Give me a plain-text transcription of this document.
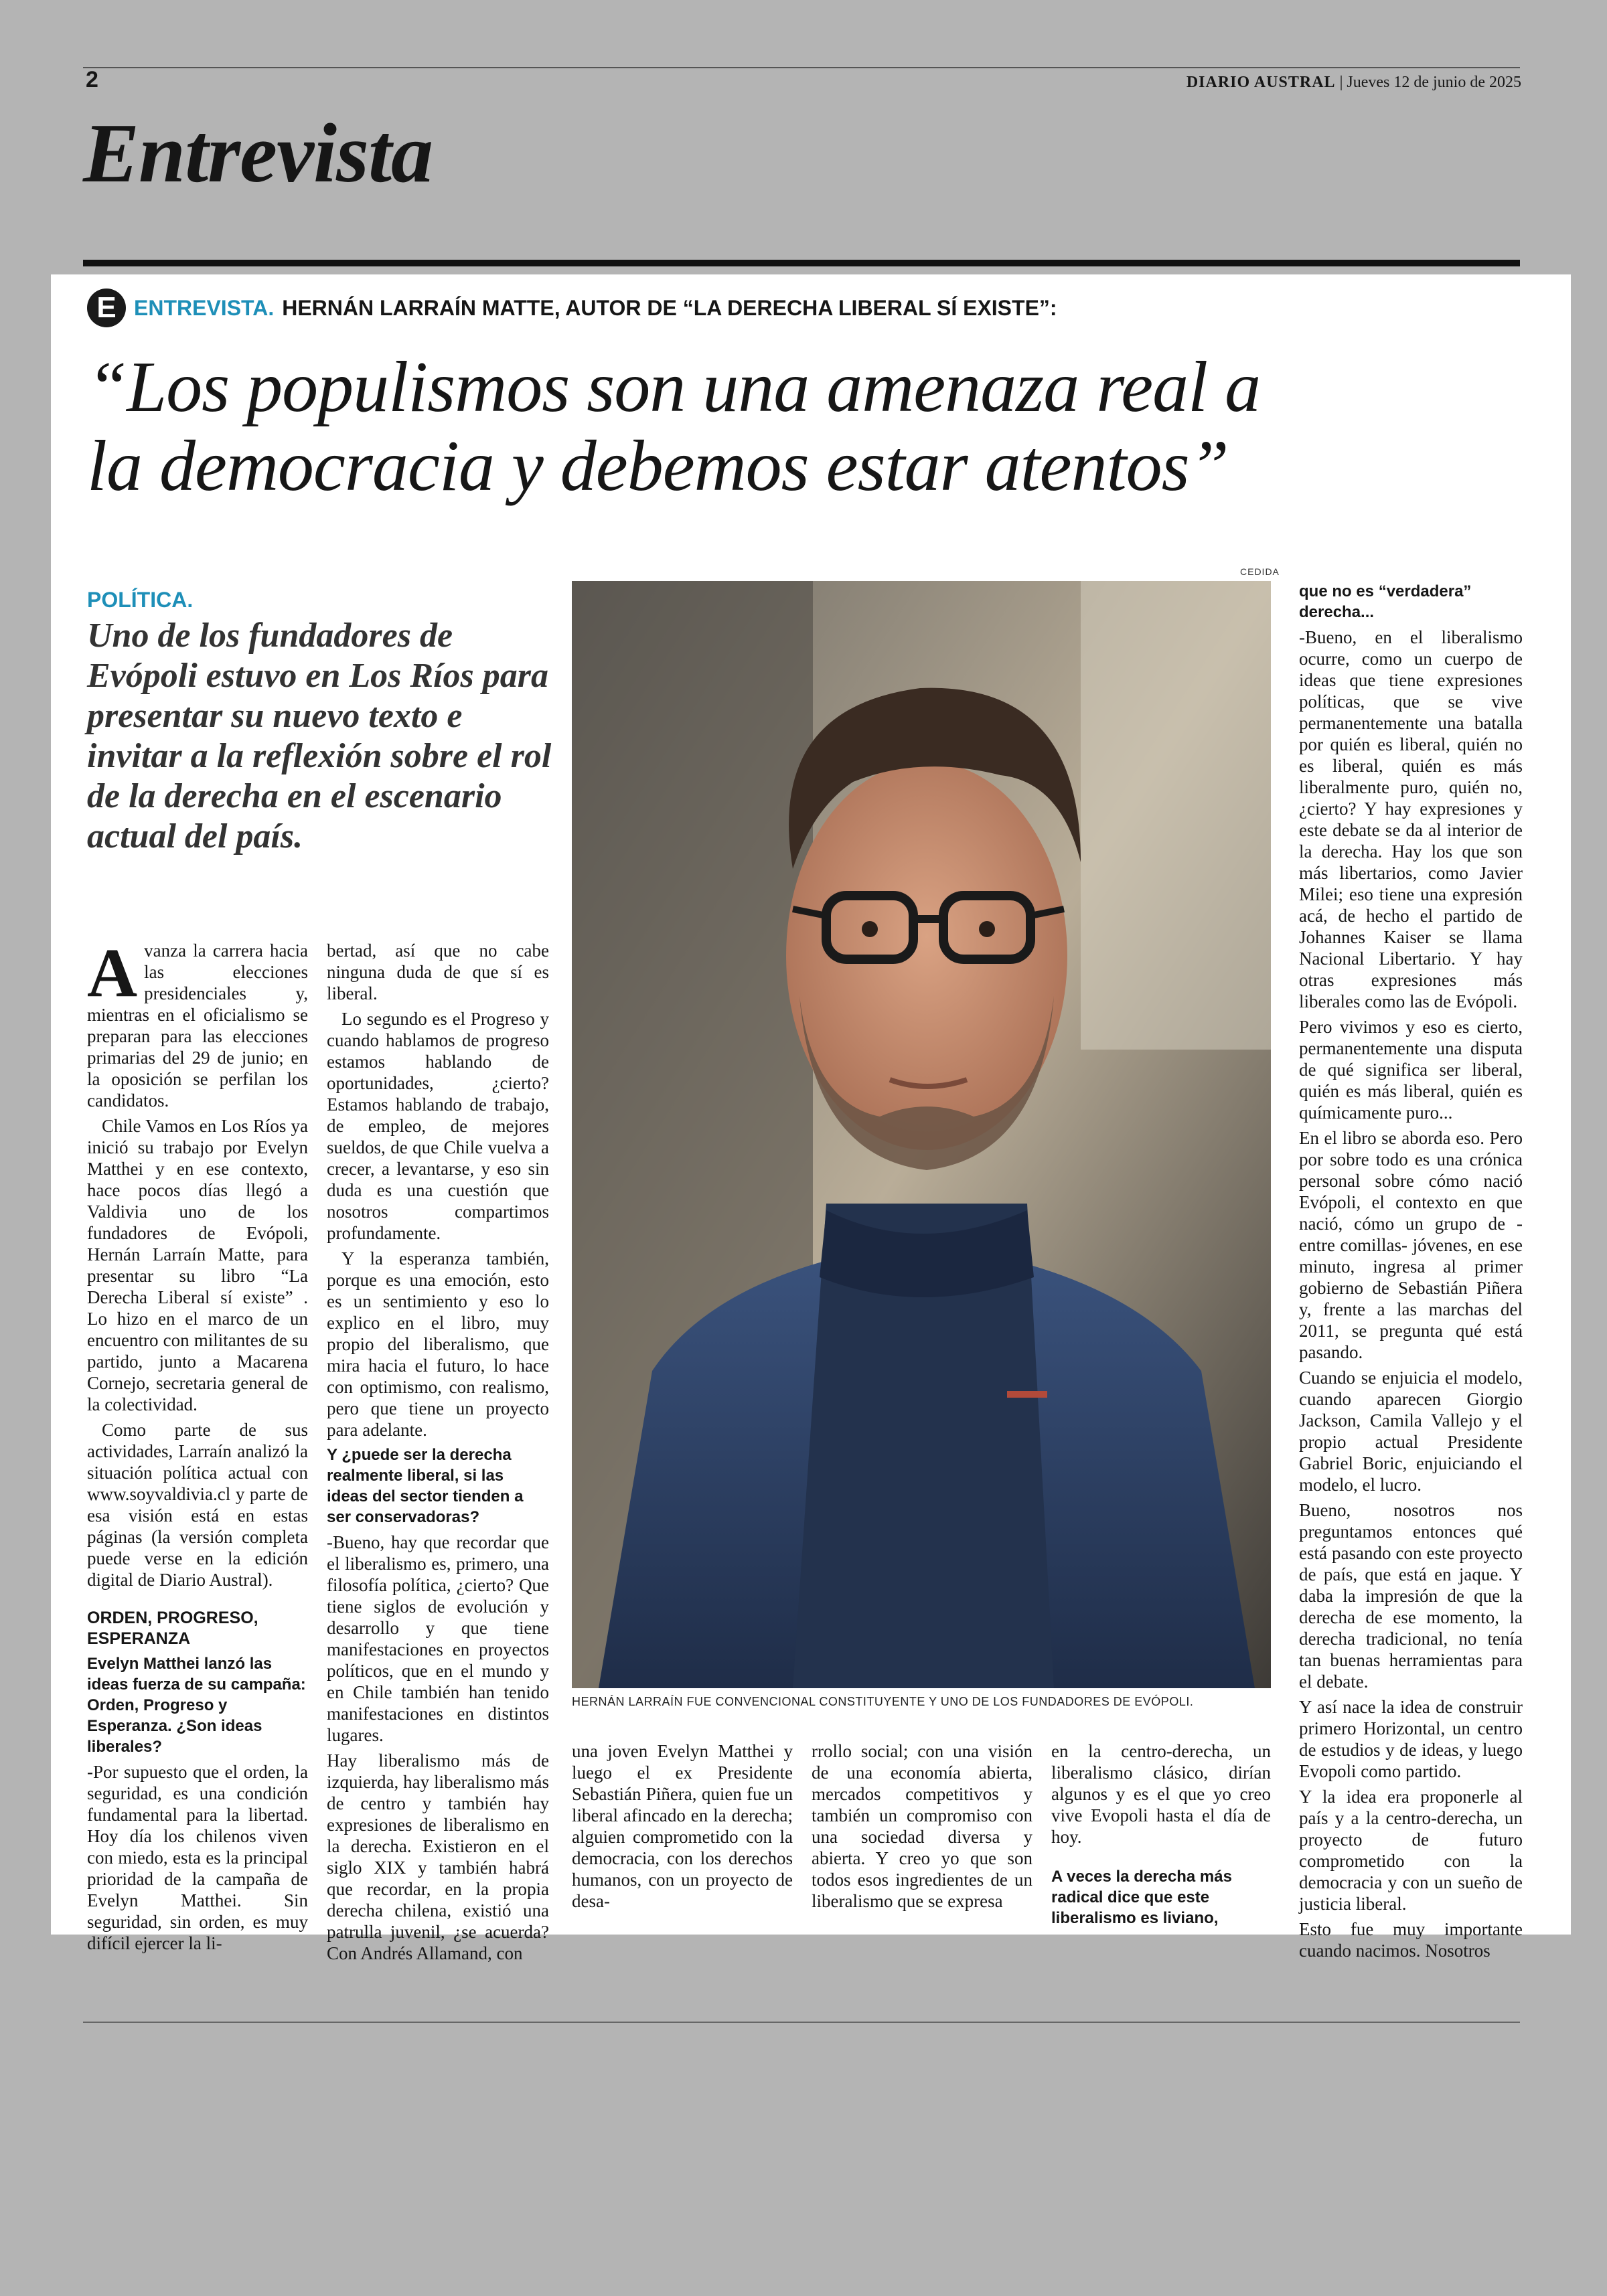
2	DIARIO AUSTRAL | Jueves 12 de junio de 2025
Entrevista
E ENTREVISTA. HERNÁN LARRAÍN MATTE, AUTOR DE “LA DERECHA LIBERAL SÍ EXISTE”:
“Los populismos son una amenaza real a
la democracia y debemos estar atentos”
CEDIDA
HERNÁN LARRAÍN FUE CONVENCIONAL CONSTITUYENTE Y UNO DE LOS FUNDADORES DE EVÓPOLI.
POLÍTICA.
Uno de los fundadores de Evópoli estuvo en Los Ríos para presentar su nuevo texto e invitar a la reflexión sobre el rol de la derecha en el escenario actual del país.

Avanza la carrera hacia las elecciones presidenciales y, mientras en el oficialismo se preparan para las elecciones primarias del 29 de junio; en la oposición se perfilan los candidatos.

Chile Vamos en Los Ríos ya inició su trabajo por Evelyn Matthei y en ese contexto, hace pocos días llegó a Valdivia uno de los fundadores de Evópoli, Hernán Larraín Matte, para presentar su libro “La Derecha Liberal sí existe” . Lo hizo en el marco de un encuentro con militantes de su partido, junto a Macarena Cornejo, secretaria general de la colectividad.

Como parte de sus actividades, Larraín analizó la situación política actual con www.soyvaldivia.cl y parte de esa visión está en estas páginas (la versión completa puede verse en la edición digital de Diario Austral).

ORDEN, PROGRESO, ESPERANZA
Evelyn Matthei lanzó las ideas fuerza de su campaña: Orden, Progreso y Esperanza. ¿Son ideas liberales?

-Por supuesto que el orden, la seguridad, es una condición fundamental para la libertad. Hoy día los chilenos viven con miedo, esta es la principal prioridad de la campaña de Evelyn Matthei. Sin seguridad, sin orden, es muy difícil ejercer la li-

bertad, así que no cabe ninguna duda de que sí es liberal.

Lo segundo es el Progreso y cuando hablamos de progreso estamos hablando de oportunidades, ¿cierto? Estamos hablando de trabajo, de empleo, de mejores sueldos, de que Chile vuelva a crecer, a levantarse, y eso sin duda es una cuestión que nosotros compartimos profundamente.

Y la esperanza también, porque es una emoción, esto es un sentimiento y eso lo explico en el libro, muy propio del liberalismo, que mira hacia el futuro, lo hace con optimismo, con realismo, pero que tiene un proyecto para adelante.

Y ¿puede ser la derecha realmente liberal, si las ideas del sector tienden a ser conservadoras?

-Bueno, hay que recordar que el liberalismo es, primero, una filosofía política, ¿cierto? Que tiene siglos de evolución y desarrollo y que tiene manifestaciones en proyectos políticos, que en el mundo y en Chile también han tenido manifestaciones en distintos lugares.

Hay liberalismo más de izquierda, hay liberalismo más de centro y también hay expresiones de liberalismo en la derecha. Existieron en el siglo XIX y también habrá que recordar, en la propia derecha chilena, existió una patrulla juvenil, ¿se acuerda? Con Andrés Allamand, con

una joven Evelyn Matthei y luego el ex Presidente Sebastián Piñera, quien fue un liberal afincado en la derecha; alguien comprometido con la democracia, con los derechos humanos, con un proyecto de desa-

rrollo social; con una visión de una economía abierta, mercados competitivos y también un compromiso con una sociedad diversa y abierta. Y creo yo que son todos esos ingredientes de un liberalismo que se expresa

en la centro-derecha, un liberalismo clásico, dirían algunos y es el que yo creo vive Evopoli hasta el día de hoy.

A veces la derecha más radical dice que este liberalismo es liviano,
que no es “verdadera” derecha...

-Bueno, en el liberalismo ocurre, como un cuerpo de ideas que tiene expresiones políticas, que se vive permanentemente una batalla por quién es liberal, quién no es liberal, quién es más liberalmente puro, quién no, ¿cierto? Y hay expresiones y este debate se da al interior de la derecha. Hay los que son más libertarios, como Javier Milei; eso tiene una expresión acá, de hecho el partido de Johannes Kaiser se llama Nacional Libertario. Y hay otras expresiones más liberales como las de Evópoli.

Pero vivimos y eso es cierto, permanentemente una disputa de qué significa ser liberal, quién es más liberal, quién es químicamente puro...

En el libro se aborda eso. Pero por sobre todo es una crónica personal sobre cómo nació Evópoli, el contexto en que nació, cómo un grupo de -entre comillas- jóvenes, en ese minuto, ingresa al primer gobierno de Sebastián Piñera y, frente a las marchas del 2011, se pregunta qué está pasando.

Cuando se enjuicia el modelo, cuando aparecen Giorgio Jackson, Camila Vallejo y el propio actual Presidente Gabriel Boric, enjuiciando el modelo, el lucro.

Bueno, nosotros nos preguntamos entonces qué está pasando con este proyecto de país, que está en jaque. Y daba la impresión de que la derecha de ese momento, la derecha tradicional, no tenía tan buenas herramientas para el debate.

Y así nace la idea de construir primero Horizontal, un centro de estudios y de ideas, y luego Evopoli como partido.

Y la idea era proponerle al país y a la centro-derecha, un proyecto de futuro comprometido con la democracia y con un sueño de justicia liberal.

Esto fue muy importante cuando nacimos. Nosotros
